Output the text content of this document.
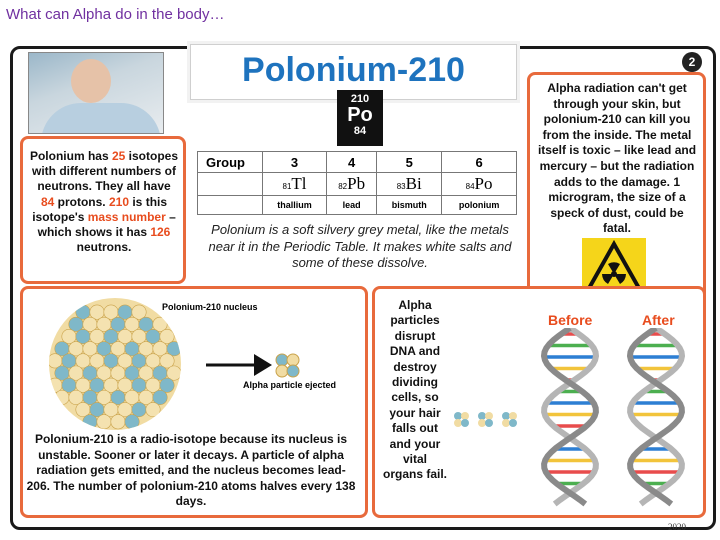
What can Alpha do in the body…
2
Polonium-210
210
Po
84
Polonium has 25 isotopes with different numbers of neutrons. They all have 84 protons. 210 is this isotope's mass number – which shows it has 126 neutrons.
Group	3	4	5	6
	81Tl	82Pb	83Bi	84Po
	thallium	lead	bismuth	polonium
Polonium is a soft silvery grey metal, like the metals near it in the Periodic Table. It makes white salts and some of these dissolve.
Alpha radiation can't get through your skin, but polonium-210 can kill you from the inside. The metal itself is toxic – like lead and mercury – but the radiation adds to the damage. 1 microgram, the size of a speck of dust, could be fatal.
Polonium-210 nucleus
Alpha particle ejected
Polonium-210 is a radio-isotope because its nucleus is unstable. Sooner or later it decays. A particle of alpha radiation gets emitted, and the nucleus becomes lead-206. The number of polonium-210 atoms halves every 138 days.
Alpha particles disrupt DNA and destroy dividing cells, so your hair falls out and your vital organs fail.
Before	After
2020
